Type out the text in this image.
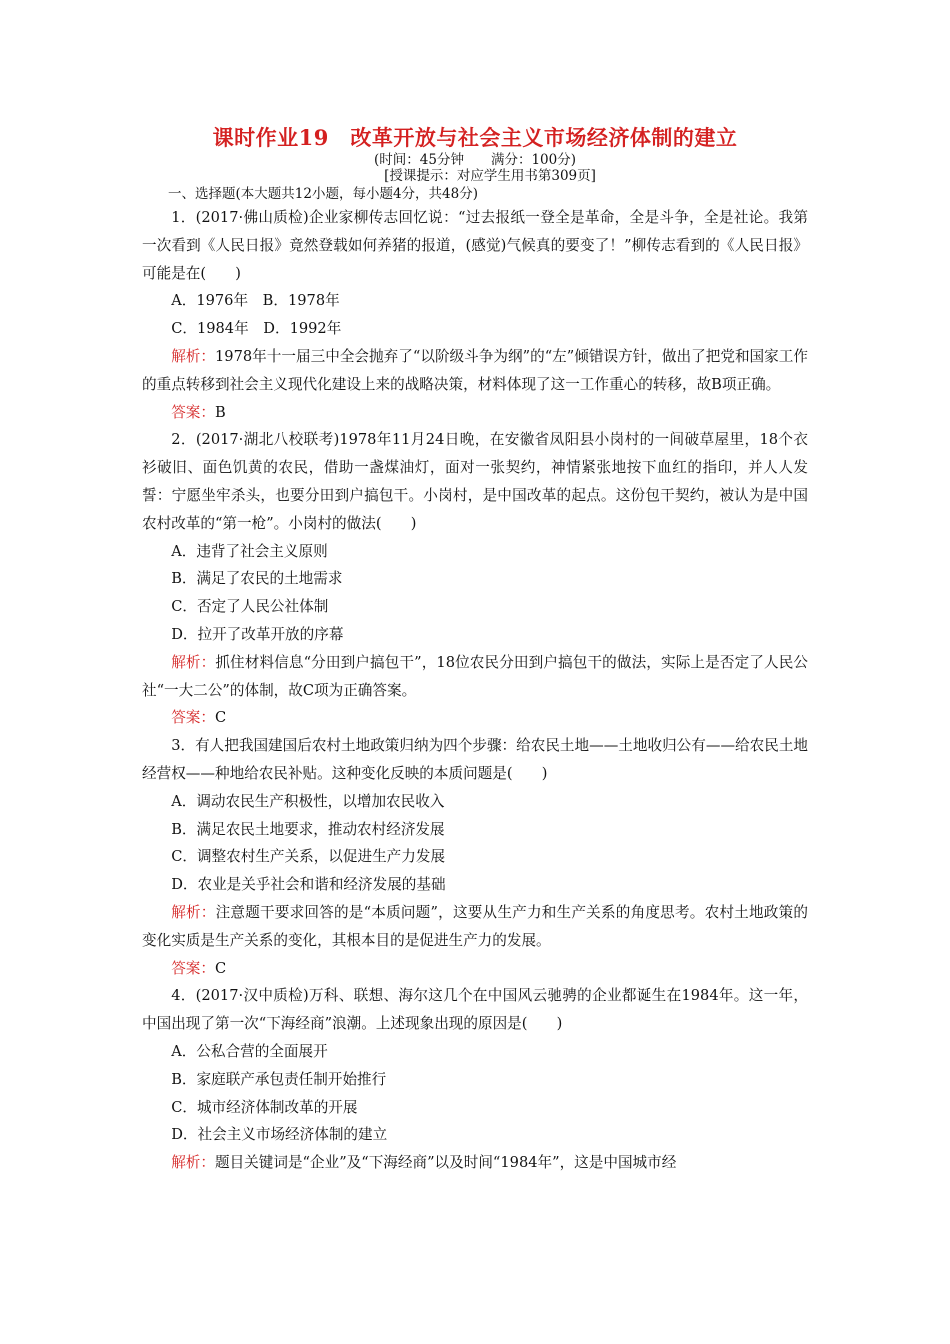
课时作业19　改革开放与社会主义市场经济体制的建立
(时间：45分钟　　满分：100分)
[授课提示：对应学生用书第309页]
一、选择题(本大题共12小题，每小题4分，共48分)

1．(2017·佛山质检)企业家柳传志回忆说：“过去报纸一登全是革命，全是斗争，全是社论。我第一次看到《人民日报》竟然登载如何养猪的报道，(感觉)气候真的要变了！”柳传志看到的《人民日报》可能是在(　　)

A．1976年　B．1978年

C．1984年　D．1992年

解析：1978年十一届三中全会抛弃了“以阶级斗争为纲”的“左”倾错误方针，做出了把党和国家工作的重点转移到社会主义现代化建设上来的战略决策，材料体现了这一工作重心的转移，故B项正确。

答案：B

2．(2017·湖北八校联考)1978年11月24日晚，在安徽省凤阳县小岗村的一间破草屋里，18个衣衫破旧、面色饥黄的农民，借助一盏煤油灯，面对一张契约，神情紧张地按下血红的指印，并人人发誓：宁愿坐牢杀头，也要分田到户搞包干。小岗村，是中国改革的起点。这份包干契约，被认为是中国农村改革的“第一枪”。小岗村的做法(　　)

A．违背了社会主义原则

B．满足了农民的土地需求

C．否定了人民公社体制

D．拉开了改革开放的序幕

解析：抓住材料信息“分田到户搞包干”，18位农民分田到户搞包干的做法，实际上是否定了人民公社“一大二公”的体制，故C项为正确答案。

答案：C

3．有人把我国建国后农村土地政策归纳为四个步骤：给农民土地——土地收归公有——给农民土地经营权——种地给农民补贴。这种变化反映的本质问题是(　　)

A．调动农民生产积极性，以增加农民收入

B．满足农民土地要求，推动农村经济发展

C．调整农村生产关系，以促进生产力发展

D．农业是关乎社会和谐和经济发展的基础

解析：注意题干要求回答的是“本质问题”，这要从生产力和生产关系的角度思考。农村土地政策的变化实质是生产关系的变化，其根本目的是促进生产力的发展。

答案：C

4．(2017·汉中质检)万科、联想、海尔这几个在中国风云驰骋的企业都诞生在1984年。这一年，中国出现了第一次“下海经商”浪潮。上述现象出现的原因是(　　)

A．公私合营的全面展开

B．家庭联产承包责任制开始推行

C．城市经济体制改革的开展

D．社会主义市场经济体制的建立

解析：题目关键词是“企业”及“下海经商”以及时间“1984年”，这是中国城市经
